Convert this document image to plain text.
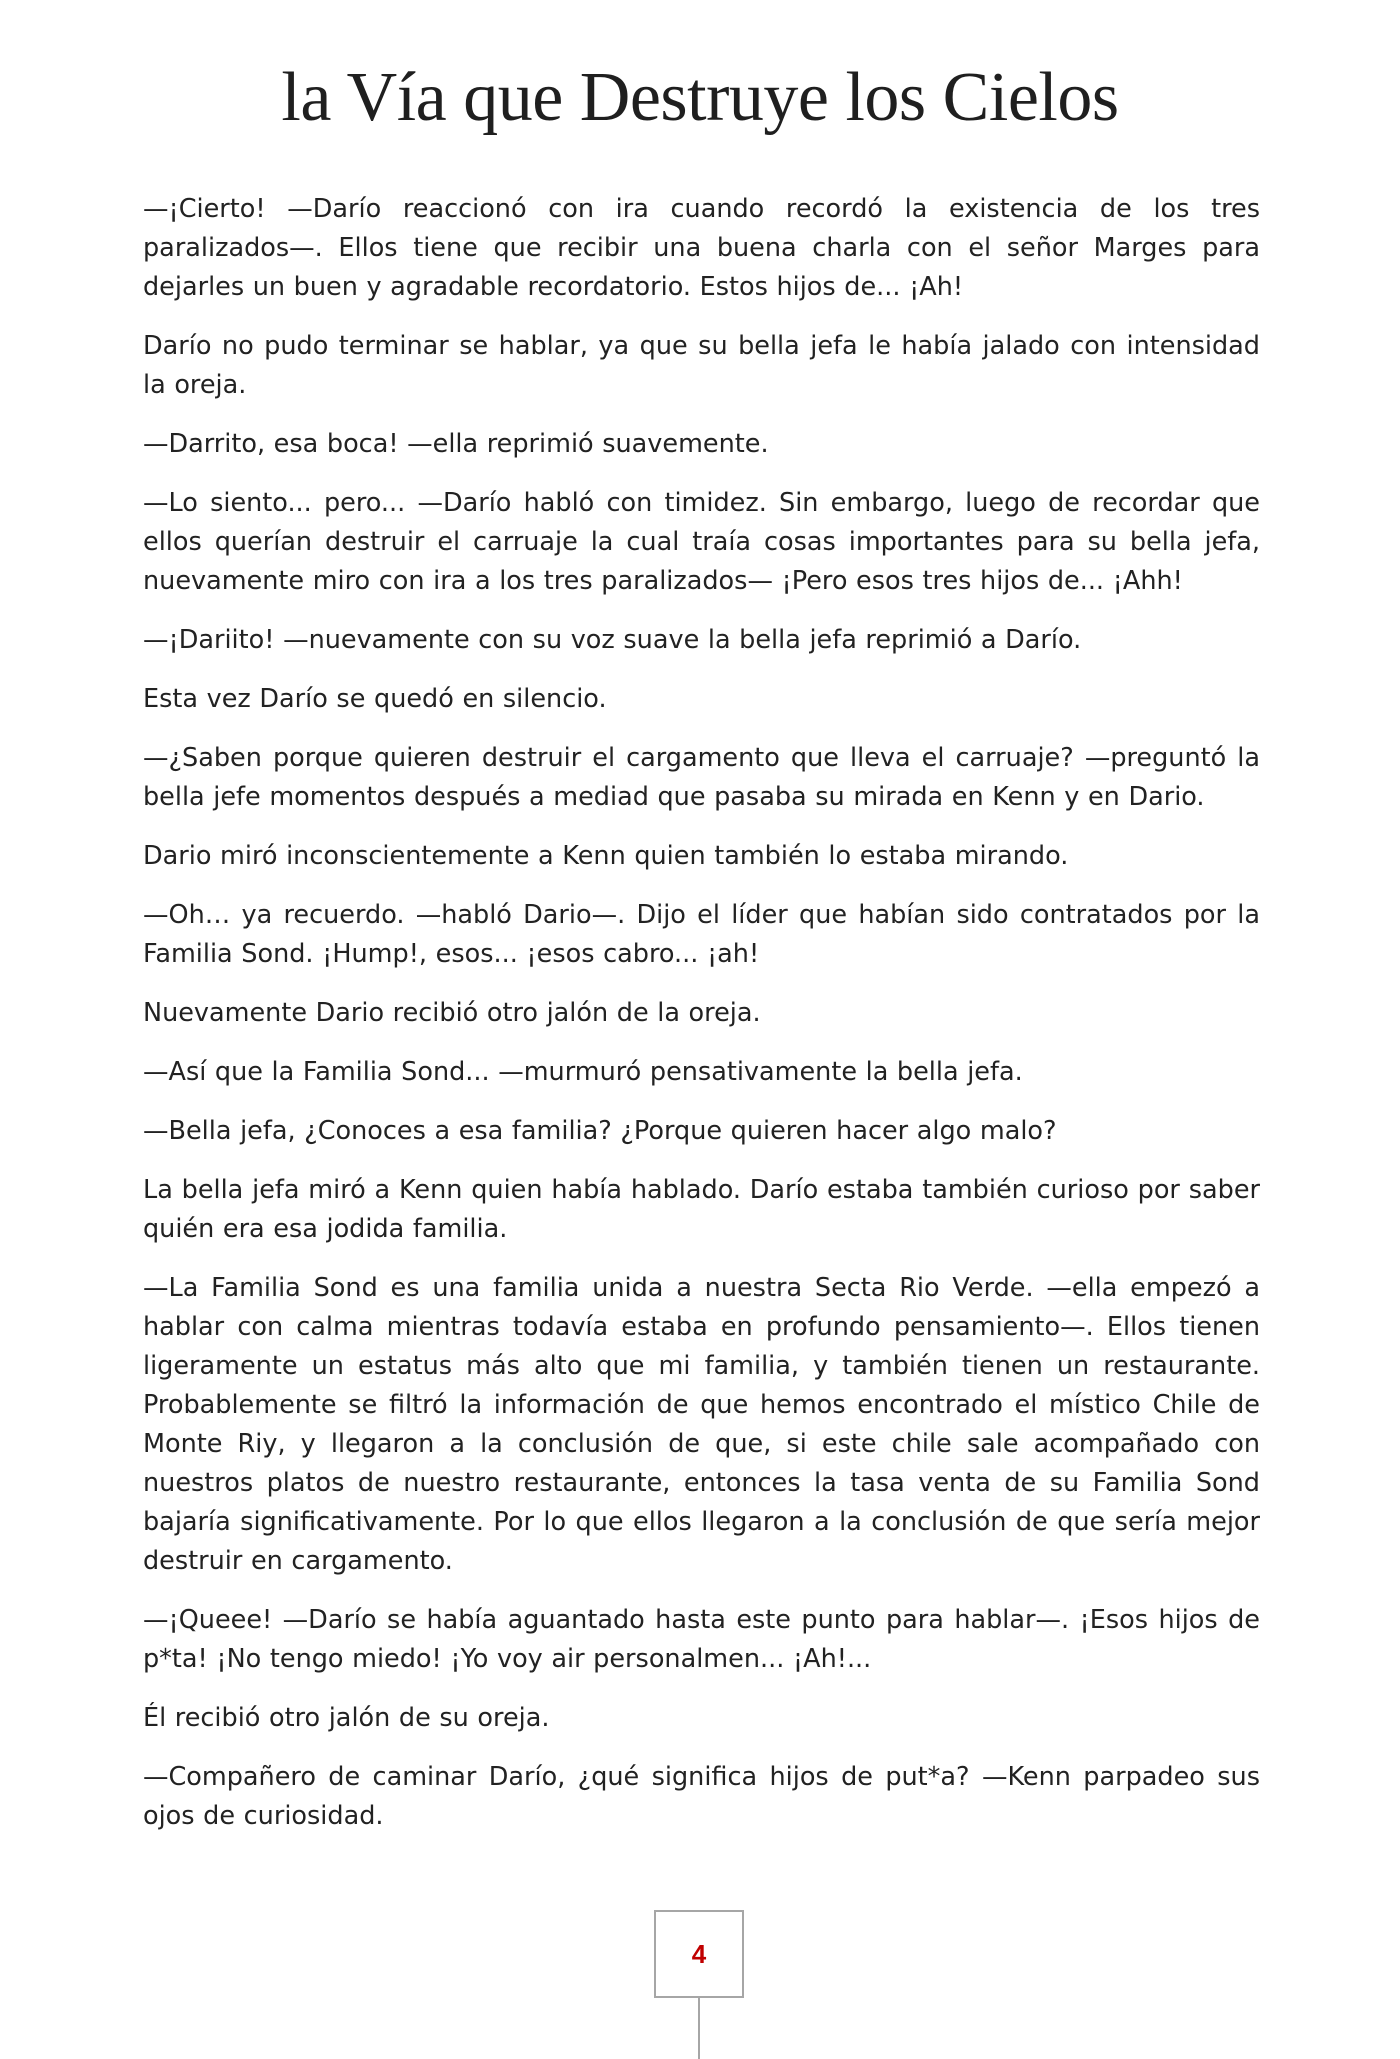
la Vía que Destruye los Cielos

—¡Cierto! —Darío reaccionó con ira cuando recordó la existencia de los tres paralizados—. Ellos tiene que recibir una buena charla con el señor Marges para dejarles un buen y agradable recordatorio. Estos hijos de... ¡Ah!

Darío no pudo terminar se hablar, ya que su bella jefa le había jalado con intensidad la oreja.

—Darrito, esa boca! —ella reprimió suavemente.

—Lo siento... pero... —Darío habló con timidez. Sin embargo, luego de recordar que ellos querían destruir el carruaje la cual traía cosas importantes para su bella jefa, nuevamente miro con ira a los tres paralizados— ¡Pero esos tres hijos de... ¡Ahh!

—¡Dariito! —nuevamente con su voz suave la bella jefa reprimió a Darío.

Esta vez Darío se quedó en silencio.

—¿Saben porque quieren destruir el cargamento que lleva el carruaje? —preguntó la bella jefe momentos después a mediad que pasaba su mirada en Kenn y en Dario.

Dario miró inconscientemente a Kenn quien también lo estaba mirando.

—Oh… ya recuerdo. —habló Dario—. Dijo el líder que habían sido contratados por la Familia Sond. ¡Hump!, esos... ¡esos cabro... ¡ah!

Nuevamente Dario recibió otro jalón de la oreja.

—Así que la Familia Sond... —murmuró pensativamente la bella jefa.

—Bella jefa, ¿Conoces a esa familia? ¿Porque quieren hacer algo malo?

La bella jefa miró a Kenn quien había hablado. Darío estaba también curioso por saber quién era esa jodida familia.

—La Familia Sond es una familia unida a nuestra Secta Rio Verde. —ella empezó a hablar con calma mientras todavía estaba en profundo pensamiento—. Ellos tienen ligeramente un estatus más alto que mi familia, y también tienen un restaurante. Probablemente se filtró la información de que hemos encontrado el místico Chile de Monte Riy, y llegaron a la conclusión de que, si este chile sale acompañado con nuestros platos de nuestro restaurante, entonces la tasa venta de su Familia Sond bajaría significativamente. Por lo que ellos llegaron a la conclusión de que sería mejor destruir en cargamento.

—¡Queee! —Darío se había aguantado hasta este punto para hablar—. ¡Esos hijos de p*ta! ¡No tengo miedo! ¡Yo voy air personalmen... ¡Ah!...

Él recibió otro jalón de su oreja.

—Compañero de caminar Darío, ¿qué significa hijos de put*a? —Kenn parpadeo sus ojos de curiosidad.

4
